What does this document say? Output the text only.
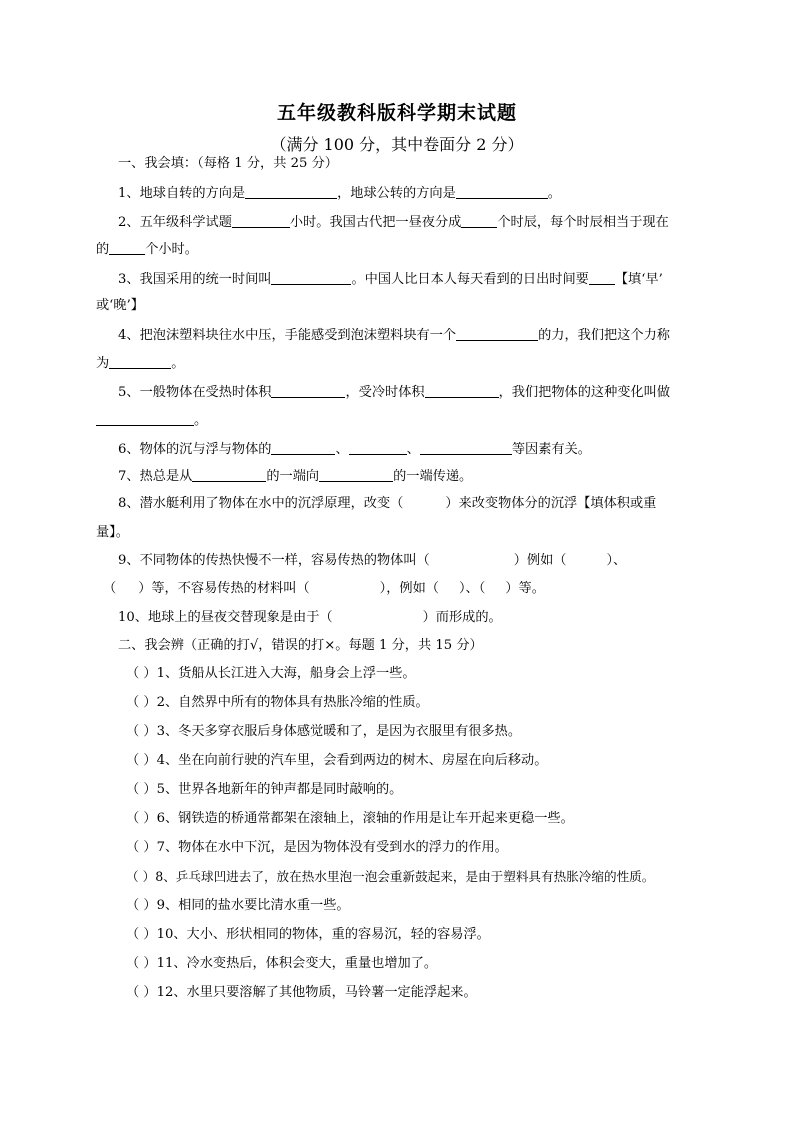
五年级教科版科学期末试题
（满分 100 分，其中卷面分 2 分）
一、我会填：（每格 1 分，共 25 分）
1、地球自转的方向是	，地球公转的方向是	。
2、五年级科学试题	小时。我国古代把一昼夜分成	个时辰，每个时辰相当于现在
的	个小时。
3、我国采用的统一时间叫	。中国人比日本人每天看到的日出时间要 【填‘早’
或‘晚’】
4、把泡沫塑料块往水中压，手能感受到泡沫塑料块有一个	的力，我们把这个力称
为	。
5、一般物体在受热时体积	，受冷时体积	，我们把物体的这种变化叫做
。
6、物体的沉与浮与物体的	、	、	等因素有关。
7、热总是从	的一端向	的一端传递。
8、潜水艇利用了物体在水中的沉浮原理，改变（	）来改变物体分的沉浮【填体积或重
量】。
9、不同物体的传热快慢不一样，容易传热的物体叫（	）例如（	）、
（ ）等，不容易传热的材料叫（	），例如（ ）、（ ）等。
10、地球上的昼夜交替现象是由于（	）而形成的。
二、我会辨（正确的打√，错误的打×。每题 1 分，共 15 分）
（ ）1、货船从长江进入大海，船身会上浮一些。
（ ）2、自然界中所有的物体具有热胀冷缩的性质。
（ ）3、冬天多穿衣服后身体感觉暖和了，是因为衣服里有很多热。
（ ）4、坐在向前行驶的汽车里，会看到两边的树木、房屋在向后移动。
（ ）5、世界各地新年的钟声都是同时敲响的。
（ ）6、钢铁造的桥通常都架在滚轴上，滚轴的作用是让车开起来更稳一些。
（ ）7、物体在水中下沉，是因为物体没有受到水的浮力的作用。
（ ）8、乒乓球凹进去了，放在热水里泡一泡会重新鼓起来，是由于塑料具有热胀冷缩的性质。
（ ）9、相同的盐水要比清水重一些。
（ ）10、大小、形状相同的物体，重的容易沉，轻的容易浮。
（ ）11、冷水变热后，体积会变大，重量也增加了。
（ ）12、水里只要溶解了其他物质，马铃薯一定能浮起来。
